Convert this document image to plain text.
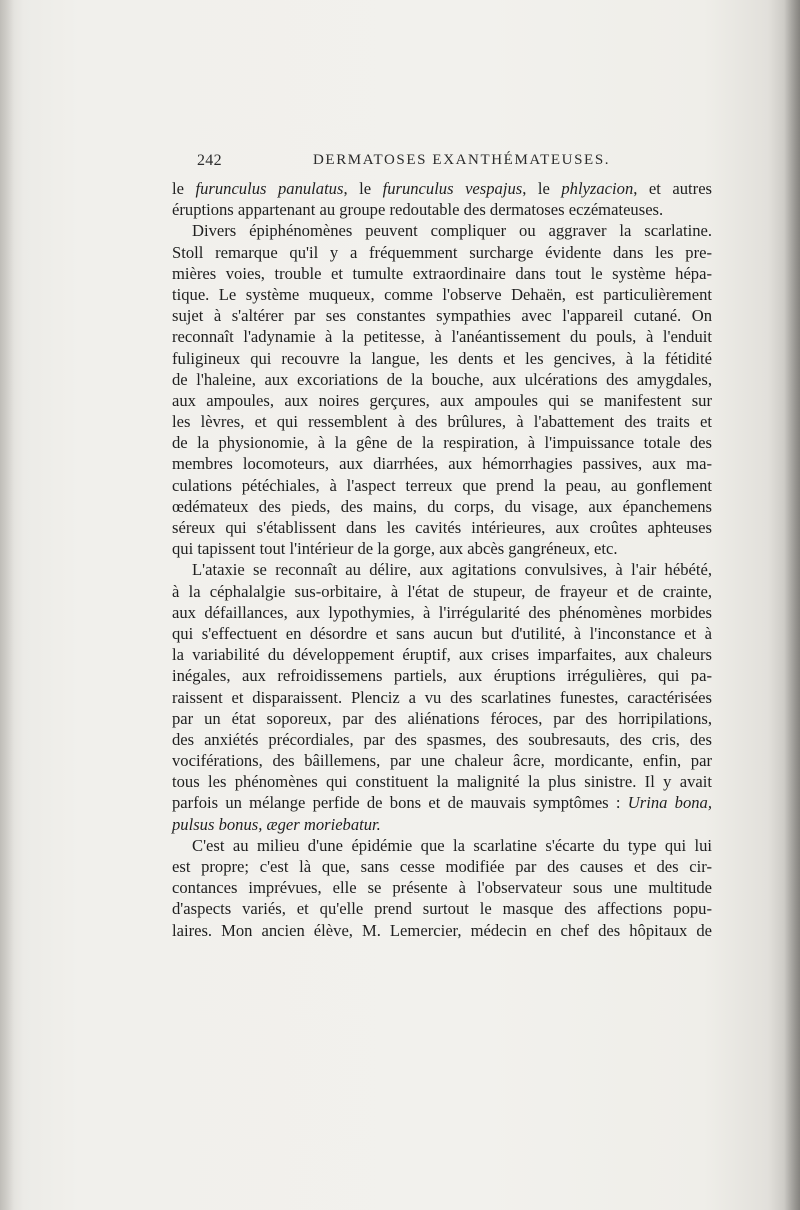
242	DERMATOSES EXANTHÉMATEUSES.
le furunculus panulatus, le furunculus vespajus, le phlyzacion, et autres
éruptions appartenant au groupe redoutable des dermatoses eczémateuses.
Divers épiphénomènes peuvent compliquer ou aggraver la scarlatine.
Stoll remarque qu'il y a fréquemment surcharge évidente dans les pre-
mières voies, trouble et tumulte extraordinaire dans tout le système hépa-
tique. Le système muqueux, comme l'observe Dehaën, est particulièrement
sujet à s'altérer par ses constantes sympathies avec l'appareil cutané. On
reconnaît l'adynamie à la petitesse, à l'anéantissement du pouls, à l'enduit
fuligineux qui recouvre la langue, les dents et les gencives, à la fétidité
de l'haleine, aux excoriations de la bouche, aux ulcérations des amygdales,
aux ampoules, aux noires gerçures, aux ampoules qui se manifestent sur
les lèvres, et qui ressemblent à des brûlures, à l'abattement des traits et
de la physionomie, à la gêne de la respiration, à l'impuissance totale des
membres locomoteurs, aux diarrhées, aux hémorrhagies passives, aux ma-
culations pétéchiales, à l'aspect terreux que prend la peau, au gonflement
œdémateux des pieds, des mains, du corps, du visage, aux épanchemens
séreux qui s'établissent dans les cavités intérieures, aux croûtes aphteuses
qui tapissent tout l'intérieur de la gorge, aux abcès gangréneux, etc.
L'ataxie se reconnaît au délire, aux agitations convulsives, à l'air hébété,
à la céphalalgie sus-orbitaire, à l'état de stupeur, de frayeur et de crainte,
aux défaillances, aux lypothymies, à l'irrégularité des phénomènes morbides
qui s'effectuent en désordre et sans aucun but d'utilité, à l'inconstance et à
la variabilité du développement éruptif, aux crises imparfaites, aux chaleurs
inégales, aux refroidissemens partiels, aux éruptions irrégulières, qui pa-
raissent et disparaissent. Plenciz a vu des scarlatines funestes, caractérisées
par un état soporeux, par des aliénations féroces, par des horripilations,
des anxiétés précordiales, par des spasmes, des soubresauts, des cris, des
vociférations, des bâillemens, par une chaleur âcre, mordicante, enfin, par
tous les phénomènes qui constituent la malignité la plus sinistre. Il y avait
parfois un mélange perfide de bons et de mauvais symptômes : Urina bona,
pulsus bonus, æger moriebatur.
C'est au milieu d'une épidémie que la scarlatine s'écarte du type qui lui
est propre; c'est là que, sans cesse modifiée par des causes et des cir-
contances imprévues, elle se présente à l'observateur sous une multitude
d'aspects variés, et qu'elle prend surtout le masque des affections popu-
laires. Mon ancien élève, M. Lemercier, médecin en chef des hôpitaux de
